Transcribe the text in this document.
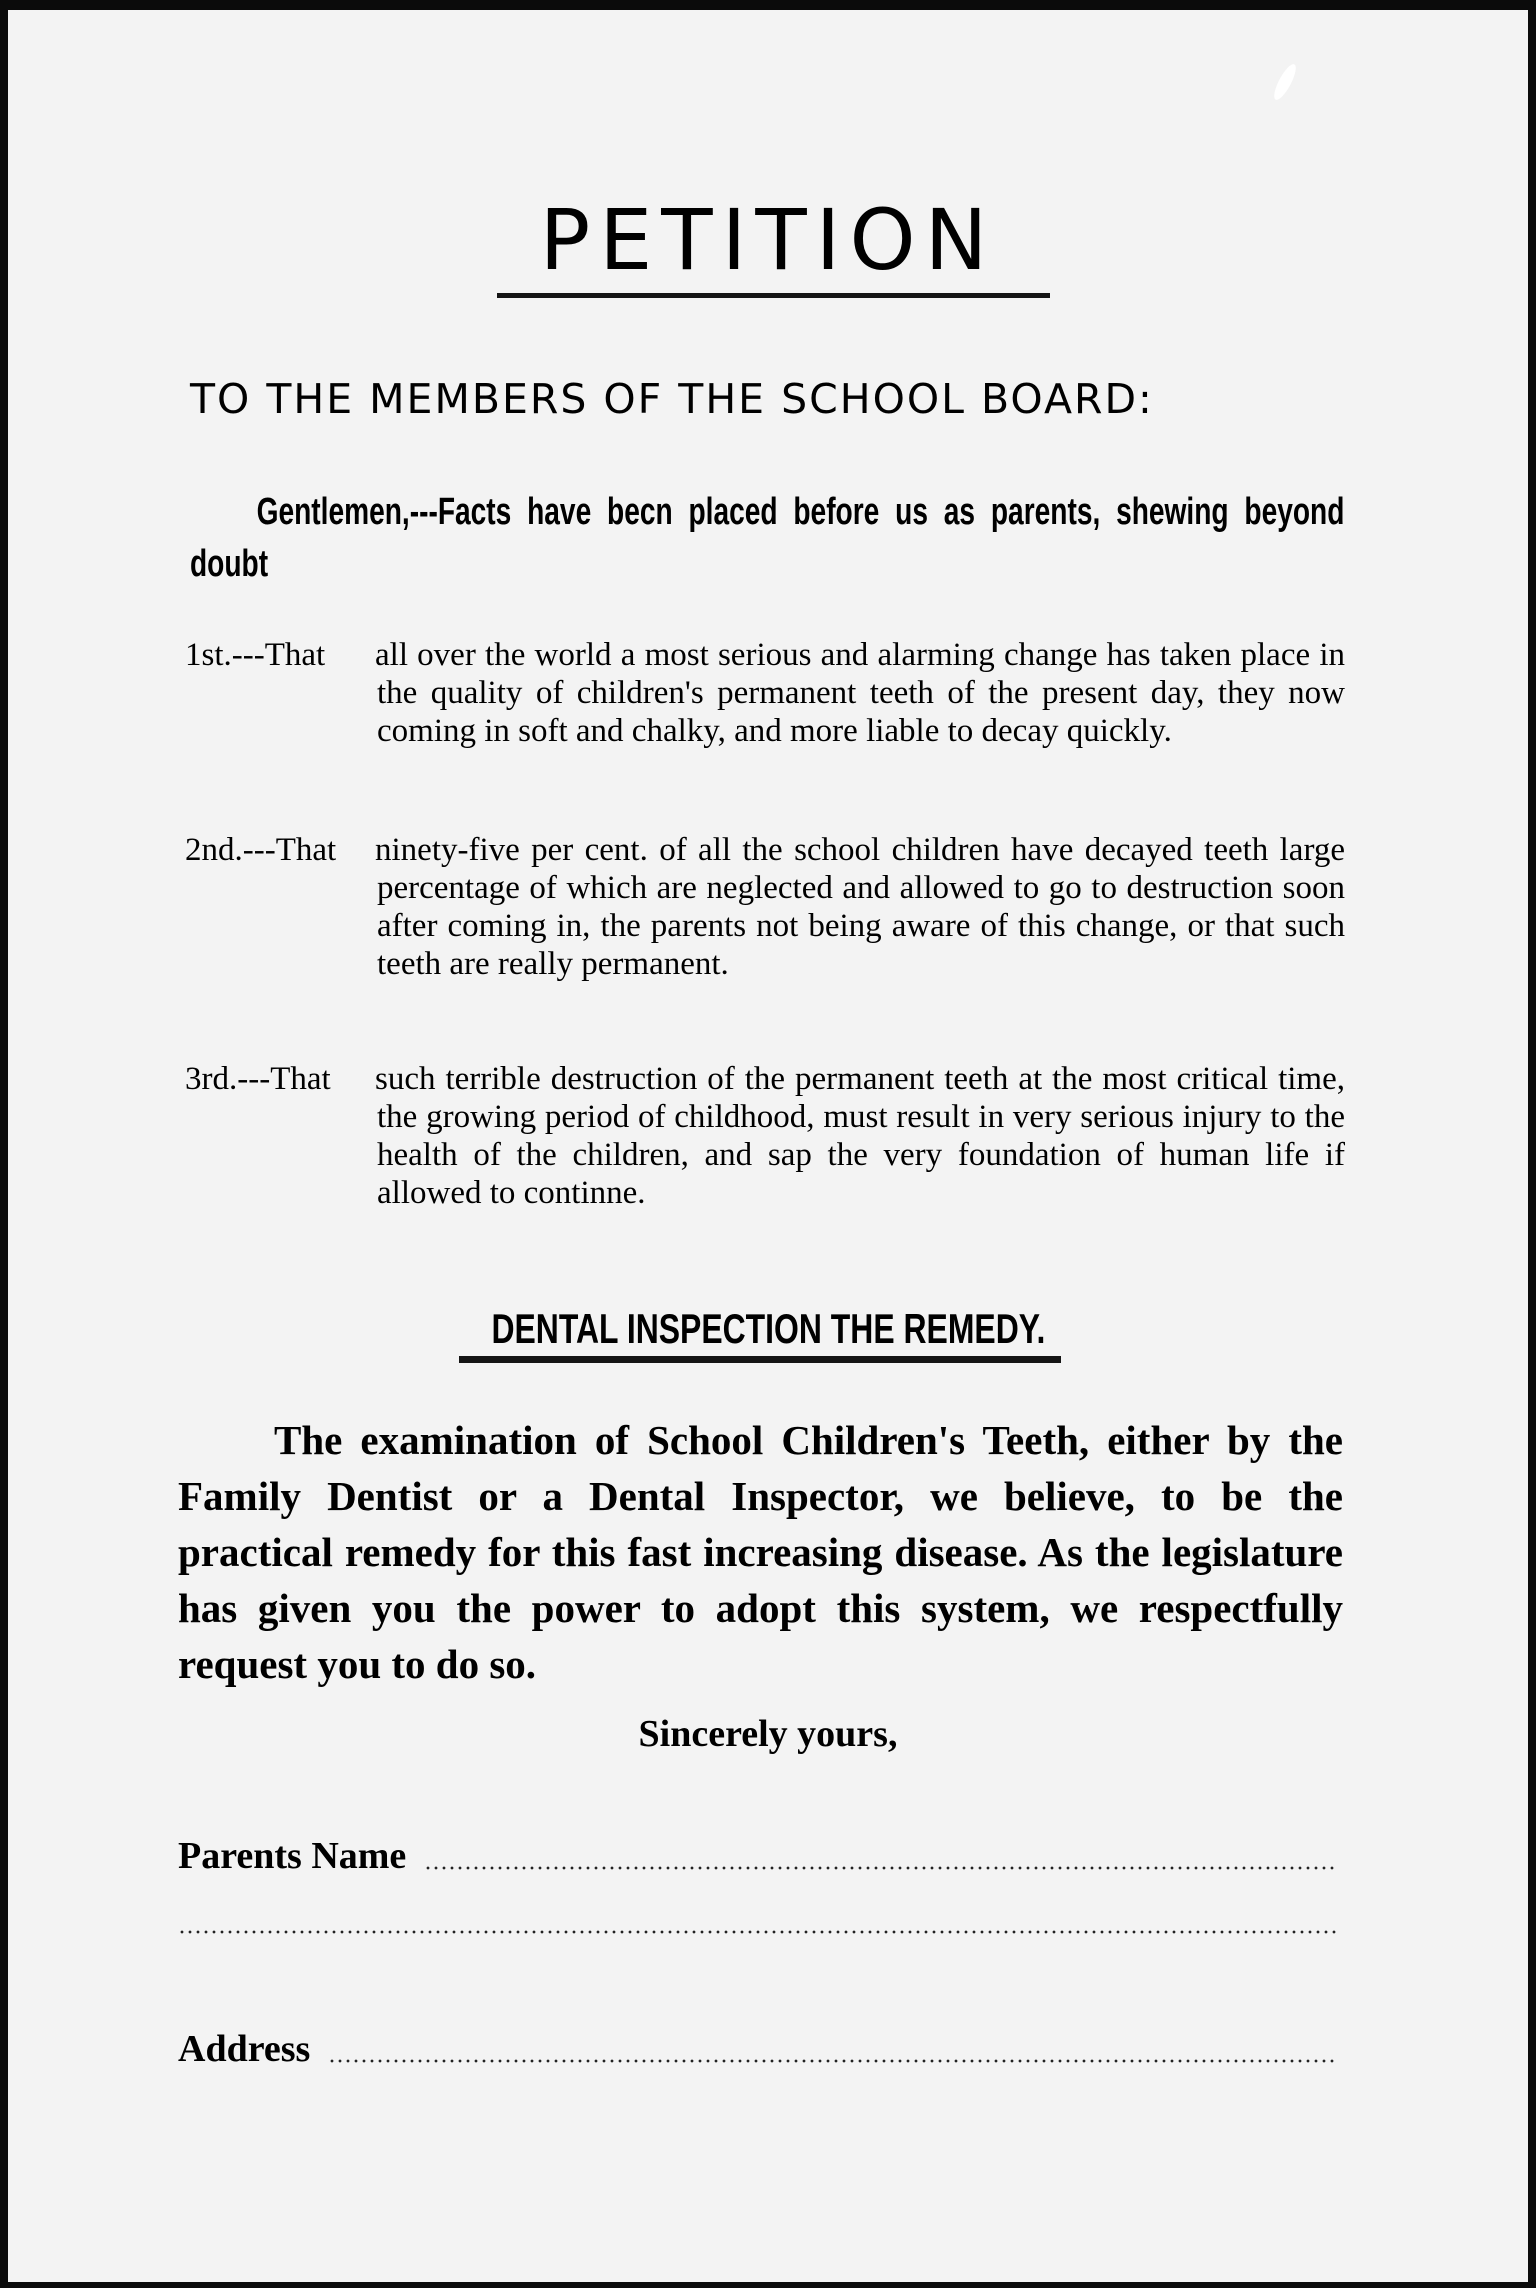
PETITION
TO THE MEMBERS OF THE SCHOOL BOARD:
Gentlemen,---Facts have becn placed before us as parents, shewing beyond doubt
1st.---That all over the world a most serious and alarming change has taken place in the quality of children's permanent teeth of the present day, they now coming in soft and chalky, and more liable to decay quickly.
2nd.---That ninety-five per cent. of all the school children have decayed teeth large percentage of which are neglected and allowed to go to destruction soon after coming in, the parents not being aware of this change, or that such teeth are really permanent.
3rd.---That such terrible destruction of the permanent teeth at the most critical time, the growing period of childhood, must result in very serious injury to the health of the children, and sap the very foundation of human life if allowed to continne.
DENTAL INSPECTION THE REMEDY.
The examination of School Children's Teeth, either by the Family Dentist or a Dental Inspector, we believe, to be the practical remedy for this fast increasing disease. As the legislature has given you the power to adopt this system, we respectfully request you to do so.
Sincerely yours,
Parents Name
Address
